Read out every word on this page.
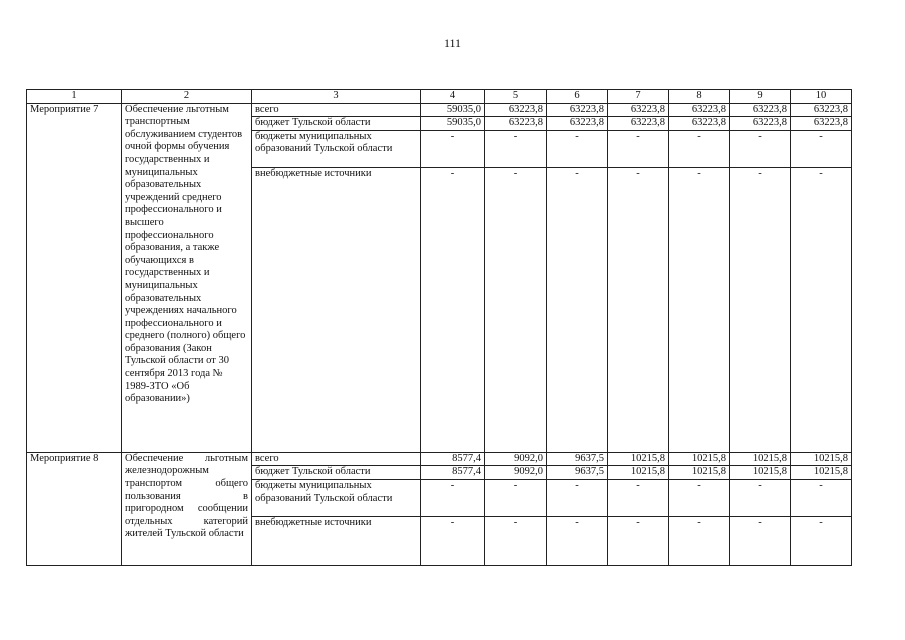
111
1	2	3	4	5	6	7	8	9	10
Мероприятие 7	Обеспечение льготным транспортным обслуживанием студентов очной формы обучения государственных и муниципальных образовательных учреждений среднего профессионального и высшего профессионального образования, а также обучающихся в государственных и муниципальных образовательных учреждениях начального профессионального и среднего (полного) общего образования (Закон Тульской области от 30 сентября 2013 года № 1989-ЗТО «Об образовании»)	всего	59035,0	63223,8	63223,8	63223,8	63223,8	63223,8	63223,8
		бюджет Тульской области	59035,0	63223,8	63223,8	63223,8	63223,8	63223,8	63223,8
		бюджеты муниципальных образований Тульской области	-	-	-	-	-	-	-
		внебюджетные источники	-	-	-	-	-	-	-
Мероприятие 8	Обеспечение льготным железнодорожным транспортом общего пользования в пригородном сообщении отдельных категорий жителей Тульской области	всего	8577,4	9092,0	9637,5	10215,8	10215,8	10215,8	10215,8
		бюджет Тульской области	8577,4	9092,0	9637,5	10215,8	10215,8	10215,8	10215,8
		бюджеты муниципальных образований Тульской области	-	-	-	-	-	-	-
		внебюджетные источники	-	-	-	-	-	-	-
